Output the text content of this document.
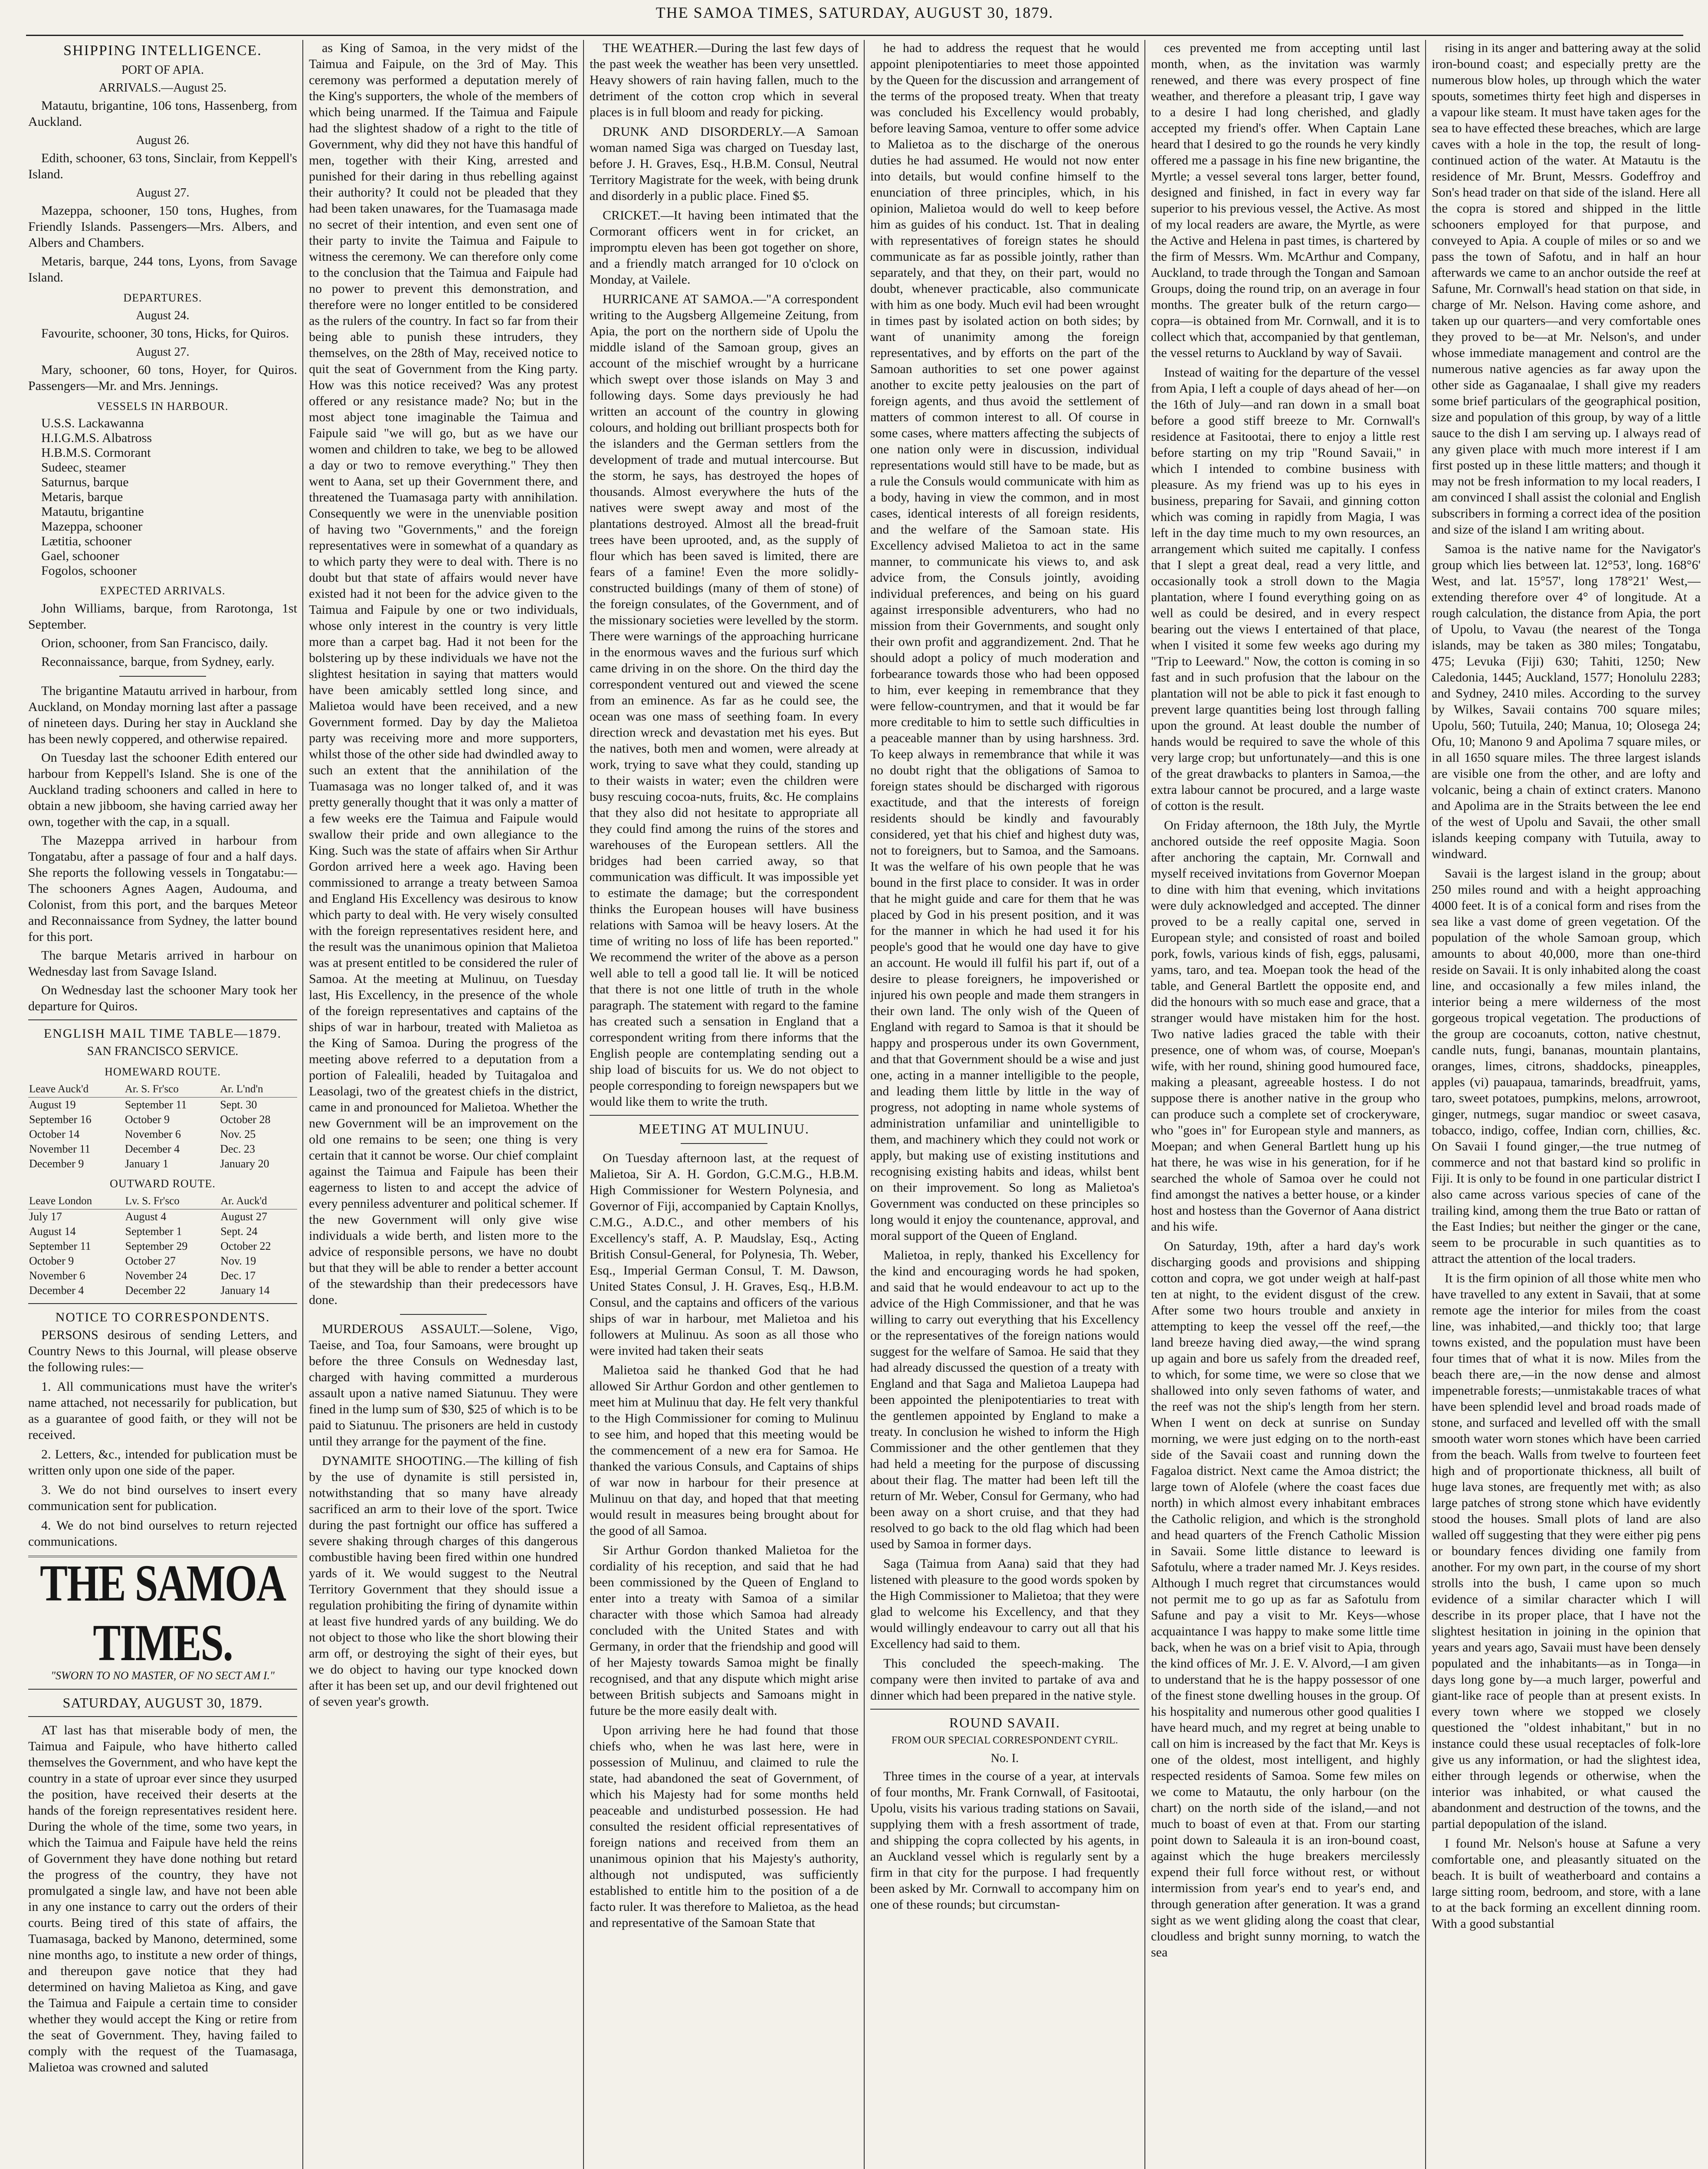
THE SAMOA TIMES, SATURDAY, AUGUST 30, 1879.
SHIPPING INTELLIGENCE.
PORT OF APIA.
ARRIVALS.—August 25.
Matautu, brigantine, 106 tons, Hassenberg, from Auckland.
August 26.
Edith, schooner, 63 tons, Sinclair, from Keppell's Island.
August 27.
Mazeppa, schooner, 150 tons, Hughes, from Friendly Islands. Passengers—Mrs. Albers, and Albers and Chambers.
Metaris, barque, 244 tons, Lyons, from Savage Island.
DEPARTURES.
August 24.
Favourite, schooner, 30 tons, Hicks, for Quiros.
August 27.
Mary, schooner, 60 tons, Hoyer, for Quiros. Passengers—Mr. and Mrs. Jennings.
VESSELS IN HARBOUR.
U.S.S. Lackawanna
H.I.G.M.S. Albatross
H.B.M.S. Cormorant
Sudeec, steamer
Saturnus, barque
Metaris, barque
Matautu, brigantine
Mazeppa, schooner
Lætitia, schooner
Gael, schooner
Fogolos, schooner
EXPECTED ARRIVALS.
John Williams, barque, from Rarotonga, 1st September.
Orion, schooner, from San Francisco, daily.
Reconnaissance, barque, from Sydney, early.
The brigantine Matautu arrived in harbour, from Auckland, on Monday morning last after a passage of nineteen days. During her stay in Auckland she has been newly coppered, and otherwise repaired.
On Tuesday last the schooner Edith entered our harbour from Keppell's Island. She is one of the Auckland trading schooners and called in here to obtain a new jibboom, she having carried away her own, together with the cap, in a squall.
The Mazeppa arrived in harbour from Tongatabu, after a passage of four and a half days. She reports the following vessels in Tongatabu:—The schooners Agnes Aagen, Audouma, and Colonist, from this port, and the barques Meteor and Reconnaissance from Sydney, the latter bound for this port.
The barque Metaris arrived in harbour on Wednesday last from Savage Island.
On Wednesday last the schooner Mary took her departure for Quiros.
ENGLISH MAIL TIME TABLE—1879.
SAN FRANCISCO SERVICE.
HOMEWARD ROUTE.
Leave Auck'd	Ar. S. Fr'sco	Ar. L'nd'n
August 19	September 11	Sept. 30
September 16	October 9	October 28
October 14	November 6	Nov. 25
November 11	December 4	Dec. 23
December 9	January 1	January 20
OUTWARD ROUTE.
Leave London	Lv. S. Fr'sco	Ar. Auck'd
July 17	August 4	August 27
August 14	September 1	Sept. 24
September 11	September 29	October 22
October 9	October 27	Nov. 19
November 6	November 24	Dec. 17
December 4	December 22	January 14
NOTICE TO CORRESPONDENTS.

PERSONS desirous of sending Letters, and Country News to this Journal, will please observe the following rules:—

1. All communications must have the writer's name attached, not necessarily for publication, but as a guarantee of good faith, or they will not be received.

2. Letters, &c., intended for publication must be written only upon one side of the paper.

3. We do not bind ourselves to insert every communication sent for publication.

4. We do not bind ourselves to return rejected communications.

THE SAMOA TIMES.
"SWORN TO NO MASTER, OF NO SECT AM I."
SATURDAY, AUGUST 30, 1879.
AT last has that miserable body of men, the Taimua and Faipule, who have hitherto called themselves the Government, and who have kept the country in a state of uproar ever since they usurped the position, have received their deserts at the hands of the foreign representatives resident here. During the whole of the time, some two years, in which the Taimua and Faipule have held the reins of Government they have done nothing but retard the progress of the country, they have not promulgated a single law, and have not been able in any one instance to carry out the orders of their courts. Being tired of this state of affairs, the Tuamasaga, backed by Manono, determined, some nine months ago, to institute a new order of things, and thereupon gave notice that they had determined on having Malietoa as King, and gave the Taimua and Faipule a certain time to consider whether they would accept the King or retire from the seat of Government. They, having failed to comply with the request of the Tuamasaga, Malietoa was crowned and saluted
as King of Samoa, in the very midst of the Taimua and Faipule, on the 3rd of May. This ceremony was performed a deputation merely of the King's supporters, the whole of the members of which being unarmed. If the Taimua and Faipule had the slightest shadow of a right to the title of Government, why did they not have this handful of men, together with their King, arrested and punished for their daring in thus rebelling against their authority? It could not be pleaded that they had been taken unawares, for the Tuamasaga made no secret of their intention, and even sent one of their party to invite the Taimua and Faipule to witness the ceremony. We can therefore only come to the conclusion that the Taimua and Faipule had no power to prevent this demonstration, and therefore were no longer entitled to be considered as the rulers of the country. In fact so far from their being able to punish these intruders, they themselves, on the 28th of May, received notice to quit the seat of Government from the King party. How was this notice received? Was any protest offered or any resistance made? No; but in the most abject tone imaginable the Taimua and Faipule said "we will go, but as we have our women and children to take, we beg to be allowed a day or two to remove everything." They then went to Aana, set up their Government there, and threatened the Tuamasaga party with annihilation. Consequently we were in the unenviable position of having two "Governments," and the foreign representatives were in somewhat of a quandary as to which party they were to deal with. There is no doubt but that state of affairs would never have existed had it not been for the advice given to the Taimua and Faipule by one or two individuals, whose only interest in the country is very little more than a carpet bag. Had it not been for the bolstering up by these individuals we have not the slightest hesitation in saying that matters would have been amicably settled long since, and Malietoa would have been received, and a new Government formed. Day by day the Malietoa party was receiving more and more supporters, whilst those of the other side had dwindled away to such an extent that the annihilation of the Tuamasaga was no longer talked of, and it was pretty generally thought that it was only a matter of a few weeks ere the Taimua and Faipule would swallow their pride and own allegiance to the King. Such was the state of affairs when Sir Arthur Gordon arrived here a week ago. Having been commissioned to arrange a treaty between Samoa and England His Excellency was desirous to know which party to deal with. He very wisely consulted with the foreign representatives resident here, and the result was the unanimous opinion that Malietoa was at present entitled to be considered the ruler of Samoa. At the meeting at Mulinuu, on Tuesday last, His Excellency, in the presence of the whole of the foreign representatives and captains of the ships of war in harbour, treated with Malietoa as the King of Samoa. During the progress of the meeting above referred to a deputation from a portion of Falealili, headed by Tuitagaloa and Leasolagi, two of the greatest chiefs in the district, came in and pronounced for Malietoa. Whether the new Government will be an improvement on the old one remains to be seen; one thing is very certain that it cannot be worse. Our chief complaint against the Taimua and Faipule has been their eagerness to listen to and accept the advice of every penniless adventurer and political schemer. If the new Government will only give wise individuals a wide berth, and listen more to the advice of responsible persons, we have no doubt but that they will be able to render a better account of the stewardship than their predecessors have done.
MURDEROUS ASSAULT.—Solene, Vigo, Taeise, and Toa, four Samoans, were brought up before the three Consuls on Wednesday last, charged with having committed a murderous assault upon a native named Siatunuu. They were fined in the lump sum of $30, $25 of which is to be paid to Siatunuu. The prisoners are held in custody until they arrange for the payment of the fine.
DYNAMITE SHOOTING.—The killing of fish by the use of dynamite is still persisted in, notwithstanding that so many have already sacrificed an arm to their love of the sport. Twice during the past fortnight our office has suffered a severe shaking through charges of this dangerous combustible having been fired within one hundred yards of it. We would suggest to the Neutral Territory Government that they should issue a regulation prohibiting the firing of dynamite within at least five hundred yards of any building. We do not object to those who like the short blowing their arm off, or destroying the sight of their eyes, but we do object to having our type knocked down after it has been set up, and our devil frightened out of seven year's growth.
THE WEATHER.—During the last few days of the past week the weather has been very unsettled. Heavy showers of rain having fallen, much to the detriment of the cotton crop which in several places is in full bloom and ready for picking.
DRUNK AND DISORDERLY.—A Samoan woman named Siga was charged on Tuesday last, before J. H. Graves, Esq., H.B.M. Consul, Neutral Territory Magistrate for the week, with being drunk and disorderly in a public place. Fined $5.
CRICKET.—It having been intimated that the Cormorant officers went in for cricket, an impromptu eleven has been got together on shore, and a friendly match arranged for 10 o'clock on Monday, at Vailele.
HURRICANE AT SAMOA.—"A correspondent writing to the Augsberg Allgemeine Zeitung, from Apia, the port on the northern side of Upolu the middle island of the Samoan group, gives an account of the mischief wrought by a hurricane which swept over those islands on May 3 and following days. Some days previously he had written an account of the country in glowing colours, and holding out brilliant prospects both for the islanders and the German settlers from the development of trade and mutual intercourse. But the storm, he says, has destroyed the hopes of thousands. Almost everywhere the huts of the natives were swept away and most of the plantations destroyed. Almost all the bread-fruit trees have been uprooted, and, as the supply of flour which has been saved is limited, there are fears of a famine! Even the more solidly-constructed buildings (many of them of stone) of the foreign consulates, of the Government, and of the missionary societies were levelled by the storm. There were warnings of the approaching hurricane in the enormous waves and the furious surf which came driving in on the shore. On the third day the correspondent ventured out and viewed the scene from an eminence. As far as he could see, the ocean was one mass of seething foam. In every direction wreck and devastation met his eyes. But the natives, both men and women, were already at work, trying to save what they could, standing up to their waists in water; even the children were busy rescuing cocoa-nuts, fruits, &c. He complains that they also did not hesitate to appropriate all they could find among the ruins of the stores and warehouses of the European settlers. All the bridges had been carried away, so that communication was difficult. It was impossible yet to estimate the damage; but the correspondent thinks the European houses will have business relations with Samoa will be heavy losers. At the time of writing no loss of life has been reported." We recommend the writer of the above as a person well able to tell a good tall lie. It will be noticed that there is not one little of truth in the whole paragraph. The statement with regard to the famine has created such a sensation in England that a correspondent writing from there informs that the English people are contemplating sending out a ship load of biscuits for us. We do not object to people corresponding to foreign newspapers but we would like them to write the truth.
MEETING AT MULINUU.
On Tuesday afternoon last, at the request of Malietoa, Sir A. H. Gordon, G.C.M.G., H.B.M. High Commissioner for Western Polynesia, and Governor of Fiji, accompanied by Captain Knollys, C.M.G., A.D.C., and other members of his Excellency's staff, A. P. Maudslay, Esq., Acting British Consul-General, for Polynesia, Th. Weber, Esq., Imperial German Consul, T. M. Dawson, United States Consul, J. H. Graves, Esq., H.B.M. Consul, and the captains and officers of the various ships of war in harbour, met Malietoa and his followers at Mulinuu. As soon as all those who were invited had taken their seats
Malietoa said he thanked God that he had allowed Sir Arthur Gordon and other gentlemen to meet him at Mulinuu that day. He felt very thankful to the High Commissioner for coming to Mulinuu to see him, and hoped that this meeting would be the commencement of a new era for Samoa. He thanked the various Consuls, and Captains of ships of war now in harbour for their presence at Mulinuu on that day, and hoped that that meeting would result in measures being brought about for the good of all Samoa.
Sir Arthur Gordon thanked Malietoa for the cordiality of his reception, and said that he had been commissioned by the Queen of England to enter into a treaty with Samoa of a similar character with those which Samoa had already concluded with the United States and with Germany, in order that the friendship and good will of her Majesty towards Samoa might be finally recognised, and that any dispute which might arise between British subjects and Samoans might in future be the more easily dealt with.
Upon arriving here he had found that those chiefs who, when he was last here, were in possession of Mulinuu, and claimed to rule the state, had abandoned the seat of Government, of which his Majesty had for some months held peaceable and undisturbed possession. He had consulted the resident official representatives of foreign nations and received from them an unanimous opinion that his Majesty's authority, although not undisputed, was sufficiently established to entitle him to the position of a de facto ruler. It was therefore to Malietoa, as the head and representative of the Samoan State that
he had to address the request that he would appoint plenipotentiaries to meet those appointed by the Queen for the discussion and arrangement of the terms of the proposed treaty. When that treaty was concluded his Excellency would probably, before leaving Samoa, venture to offer some advice to Malietoa as to the discharge of the onerous duties he had assumed. He would not now enter into details, but would confine himself to the enunciation of three principles, which, in his opinion, Malietoa would do well to keep before him as guides of his conduct. 1st. That in dealing with representatives of foreign states he should communicate as far as possible jointly, rather than separately, and that they, on their part, would no doubt, whenever practicable, also communicate with him as one body. Much evil had been wrought in times past by isolated action on both sides; by want of unanimity among the foreign representatives, and by efforts on the part of the Samoan authorities to set one power against another to excite petty jealousies on the part of foreign agents, and thus avoid the settlement of matters of common interest to all. Of course in some cases, where matters affecting the subjects of one nation only were in discussion, individual representations would still have to be made, but as a rule the Consuls would communicate with him as a body, having in view the common, and in most cases, identical interests of all foreign residents, and the welfare of the Samoan state. His Excellency advised Malietoa to act in the same manner, to communicate his views to, and ask advice from, the Consuls jointly, avoiding individual preferences, and being on his guard against irresponsible adventurers, who had no mission from their Governments, and sought only their own profit and aggrandizement. 2nd. That he should adopt a policy of much moderation and forbearance towards those who had been opposed to him, ever keeping in remembrance that they were fellow-countrymen, and that it would be far more creditable to him to settle such difficulties in a peaceable manner than by using harshness. 3rd. To keep always in remembrance that while it was no doubt right that the obligations of Samoa to foreign states should be discharged with rigorous exactitude, and that the interests of foreign residents should be kindly and favourably considered, yet that his chief and highest duty was, not to foreigners, but to Samoa, and the Samoans. It was the welfare of his own people that he was bound in the first place to consider. It was in order that he might guide and care for them that he was placed by God in his present position, and it was for the manner in which he had used it for his people's good that he would one day have to give an account. He would ill fulfil his part if, out of a desire to please foreigners, he impoverished or injured his own people and made them strangers in their own land. The only wish of the Queen of England with regard to Samoa is that it should be happy and prosperous under its own Government, and that that Government should be a wise and just one, acting in a manner intelligible to the people, and leading them little by little in the way of progress, not adopting in name whole systems of administration unfamiliar and unintelligible to them, and machinery which they could not work or apply, but making use of existing institutions and recognising existing habits and ideas, whilst bent on their improvement. So long as Malietoa's Government was conducted on these principles so long would it enjoy the countenance, approval, and moral support of the Queen of England.
Malietoa, in reply, thanked his Excellency for the kind and encouraging words he had spoken, and said that he would endeavour to act up to the advice of the High Commissioner, and that he was willing to carry out everything that his Excellency or the representatives of the foreign nations would suggest for the welfare of Samoa. He said that they had already discussed the question of a treaty with England and that Saga and Malietoa Laupepa had been appointed the plenipotentiaries to treat with the gentlemen appointed by England to make a treaty. In conclusion he wished to inform the High Commissioner and the other gentlemen that they had held a meeting for the purpose of discussing about their flag. The matter had been left till the return of Mr. Weber, Consul for Germany, who had been away on a short cruise, and that they had resolved to go back to the old flag which had been used by Samoa in former days.
Saga (Taimua from Aana) said that they had listened with pleasure to the good words spoken by the High Commissioner to Malietoa; that they were glad to welcome his Excellency, and that they would willingly endeavour to carry out all that his Excellency had said to them.
This concluded the speech-making. The company were then invited to partake of ava and dinner which had been prepared in the native style.
ROUND SAVAII.
FROM OUR SPECIAL CORRESPONDENT CYRIL.
No. I.
Three times in the course of a year, at intervals of four months, Mr. Frank Cornwall, of Fasitootai, Upolu, visits his various trading stations on Savaii, supplying them with a fresh assortment of trade, and shipping the copra collected by his agents, in an Auckland vessel which is regularly sent by a firm in that city for the purpose. I had frequently been asked by Mr. Cornwall to accompany him on one of these rounds; but circumstan-
ces prevented me from accepting until last month, when, as the invitation was warmly renewed, and there was every prospect of fine weather, and therefore a pleasant trip, I gave way to a desire I had long cherished, and gladly accepted my friend's offer. When Captain Lane heard that I desired to go the rounds he very kindly offered me a passage in his fine new brigantine, the Myrtle; a vessel several tons larger, better found, designed and finished, in fact in every way far superior to his previous vessel, the Active. As most of my local readers are aware, the Myrtle, as were the Active and Helena in past times, is chartered by the firm of Messrs. Wm. McArthur and Company, Auckland, to trade through the Tongan and Samoan Groups, doing the round trip, on an average in four months. The greater bulk of the return cargo—copra—is obtained from Mr. Cornwall, and it is to collect which that, accompanied by that gentleman, the vessel returns to Auckland by way of Savaii.
Instead of waiting for the departure of the vessel from Apia, I left a couple of days ahead of her—on the 16th of July—and ran down in a small boat before a good stiff breeze to Mr. Cornwall's residence at Fasitootai, there to enjoy a little rest before starting on my trip "Round Savaii," in which I intended to combine business with pleasure. As my friend was up to his eyes in business, preparing for Savaii, and ginning cotton which was coming in rapidly from Magia, I was left in the day time much to my own resources, an arrangement which suited me capitally. I confess that I slept a great deal, read a very little, and occasionally took a stroll down to the Magia plantation, where I found everything going on as well as could be desired, and in every respect bearing out the views I entertained of that place, when I visited it some few weeks ago during my "Trip to Leeward." Now, the cotton is coming in so fast and in such profusion that the labour on the plantation will not be able to pick it fast enough to prevent large quantities being lost through falling upon the ground. At least double the number of hands would be required to save the whole of this very large crop; but unfortunately—and this is one of the great drawbacks to planters in Samoa,—the extra labour cannot be procured, and a large waste of cotton is the result.
On Friday afternoon, the 18th July, the Myrtle anchored outside the reef opposite Magia. Soon after anchoring the captain, Mr. Cornwall and myself received invitations from Governor Moepan to dine with him that evening, which invitations were duly acknowledged and accepted. The dinner proved to be a really capital one, served in European style; and consisted of roast and boiled pork, fowls, various kinds of fish, eggs, palusami, yams, taro, and tea. Moepan took the head of the table, and General Bartlett the opposite end, and did the honours with so much ease and grace, that a stranger would have mistaken him for the host. Two native ladies graced the table with their presence, one of whom was, of course, Moepan's wife, with her round, shining good humoured face, making a pleasant, agreeable hostess. I do not suppose there is another native in the group who can produce such a complete set of crockeryware, who "goes in" for European style and manners, as Moepan; and when General Bartlett hung up his hat there, he was wise in his generation, for if he searched the whole of Samoa over he could not find amongst the natives a better house, or a kinder host and hostess than the Governor of Aana district and his wife.
On Saturday, 19th, after a hard day's work discharging goods and provisions and shipping cotton and copra, we got under weigh at half-past ten at night, to the evident disgust of the crew. After some two hours trouble and anxiety in attempting to keep the vessel off the reef,—the land breeze having died away,—the wind sprang up again and bore us safely from the dreaded reef, to which, for some time, we were so close that we shallowed into only seven fathoms of water, and the reef was not the ship's length from her stern. When I went on deck at sunrise on Sunday morning, we were just edging on to the north-east side of the Savaii coast and running down the Fagaloa district. Next came the Amoa district; the large town of Alofele (where the coast faces due north) in which almost every inhabitant embraces the Catholic religion, and which is the stronghold and head quarters of the French Catholic Mission in Savaii. Some little distance to leeward is Safotulu, where a trader named Mr. J. Keys resides. Although I much regret that circumstances would not permit me to go up as far as Safotulu from Safune and pay a visit to Mr. Keys—whose acquaintance I was happy to make some little time back, when he was on a brief visit to Apia, through the kind offices of Mr. J. E. V. Alvord,—I am given to understand that he is the happy possessor of one of the finest stone dwelling houses in the group. Of his hospitality and numerous other good qualities I have heard much, and my regret at being unable to call on him is increased by the fact that Mr. Keys is one of the oldest, most intelligent, and highly respected residents of Samoa. Some few miles on we come to Matautu, the only harbour (on the chart) on the north side of the island,—and not much to boast of even at that. From our starting point down to Saleaula it is an iron-bound coast, against which the huge breakers mercilessly expend their full force without rest, or without intermission from year's end to year's end, and through generation after generation. It was a grand sight as we went gliding along the coast that clear, cloudless and bright sunny morning, to watch the sea
rising in its anger and battering away at the solid iron-bound coast; and especially pretty are the numerous blow holes, up through which the water spouts, sometimes thirty feet high and disperses in a vapour like steam. It must have taken ages for the sea to have effected these breaches, which are large caves with a hole in the top, the result of long-continued action of the water. At Matautu is the residence of Mr. Brunt, Messrs. Godeffroy and Son's head trader on that side of the island. Here all the copra is stored and shipped in the little schooners employed for that purpose, and conveyed to Apia. A couple of miles or so and we pass the town of Safotu, and in half an hour afterwards we came to an anchor outside the reef at Safune, Mr. Cornwall's head station on that side, in charge of Mr. Nelson. Having come ashore, and taken up our quarters—and very comfortable ones they proved to be—at Mr. Nelson's, and under whose immediate management and control are the numerous native agencies as far away upon the other side as Gaganaalae, I shall give my readers some brief particulars of the geographical position, size and population of this group, by way of a little sauce to the dish I am serving up. I always read of any given place with much more interest if I am first posted up in these little matters; and though it may not be fresh information to my local readers, I am convinced I shall assist the colonial and English subscribers in forming a correct idea of the position and size of the island I am writing about.
Samoa is the native name for the Navigator's group which lies between lat. 12°53', long. 168°6' West, and lat. 15°57', long 178°21' West,—extending therefore over 4° of longitude. At a rough calculation, the distance from Apia, the port of Upolu, to Vavau (the nearest of the Tonga islands, may be taken as 380 miles; Tongatabu, 475; Levuka (Fiji) 630; Tahiti, 1250; New Caledonia, 1445; Auckland, 1577; Honolulu 2283; and Sydney, 2410 miles. According to the survey by Wilkes, Savaii contains 700 square miles; Upolu, 560; Tutuila, 240; Manua, 10; Olosega 24; Ofu, 10; Manono 9 and Apolima 7 square miles, or in all 1650 square miles. The three largest islands are visible one from the other, and are lofty and volcanic, being a chain of extinct craters. Manono and Apolima are in the Straits between the lee end of the west of Upolu and Savaii, the other small islands keeping company with Tutuila, away to windward.
Savaii is the largest island in the group; about 250 miles round and with a height approaching 4000 feet. It is of a conical form and rises from the sea like a vast dome of green vegetation. Of the population of the whole Samoan group, which amounts to about 40,000, more than one-third reside on Savaii. It is only inhabited along the coast line, and occasionally a few miles inland, the interior being a mere wilderness of the most gorgeous tropical vegetation. The productions of the group are cocoanuts, cotton, native chestnut, candle nuts, fungi, bananas, mountain plantains, oranges, limes, citrons, shaddocks, pineapples, apples (vi) pauapaua, tamarinds, breadfruit, yams, taro, sweet potatoes, pumpkins, melons, arrowroot, ginger, nutmegs, sugar mandioc or sweet casava, tobacco, indigo, coffee, Indian corn, chillies, &c. On Savaii I found ginger,—the true nutmeg of commerce and not that bastard kind so prolific in Fiji. It is only to be found in one particular district I also came across various species of cane of the trailing kind, among them the true Bato or rattan of the East Indies; but neither the ginger or the cane, seem to be procurable in such quantities as to attract the attention of the local traders.
It is the firm opinion of all those white men who have travelled to any extent in Savaii, that at some remote age the interior for miles from the coast line, was inhabited,—and thickly too; that large towns existed, and the population must have been four times that of what it is now. Miles from the beach there are,—in the now dense and almost impenetrable forests;—unmistakable traces of what have been splendid level and broad roads made of stone, and surfaced and levelled off with the small smooth water worn stones which have been carried from the beach. Walls from twelve to fourteen feet high and of proportionate thickness, all built of huge lava stones, are frequently met with; as also large patches of strong stone which have evidently stood the houses. Small plots of land are also walled off suggesting that they were either pig pens or boundary fences dividing one family from another. For my own part, in the course of my short strolls into the bush, I came upon so much evidence of a similar character which I will describe in its proper place, that I have not the slightest hesitation in joining in the opinion that years and years ago, Savaii must have been densely populated and the inhabitants—as in Tonga—in days long gone by—a much larger, powerful and giant-like race of people than at present exists. In every town where we stopped we closely questioned the "oldest inhabitant," but in no instance could these usual receptacles of folk-lore give us any information, or had the slightest idea, either through legends or otherwise, when the interior was inhabited, or what caused the abandonment and destruction of the towns, and the partial depopulation of the island.
I found Mr. Nelson's house at Safune a very comfortable one, and pleasantly situated on the beach. It is built of weatherboard and contains a large sitting room, bedroom, and store, with a lane to at the back forming an excellent dinning room. With a good substantial
